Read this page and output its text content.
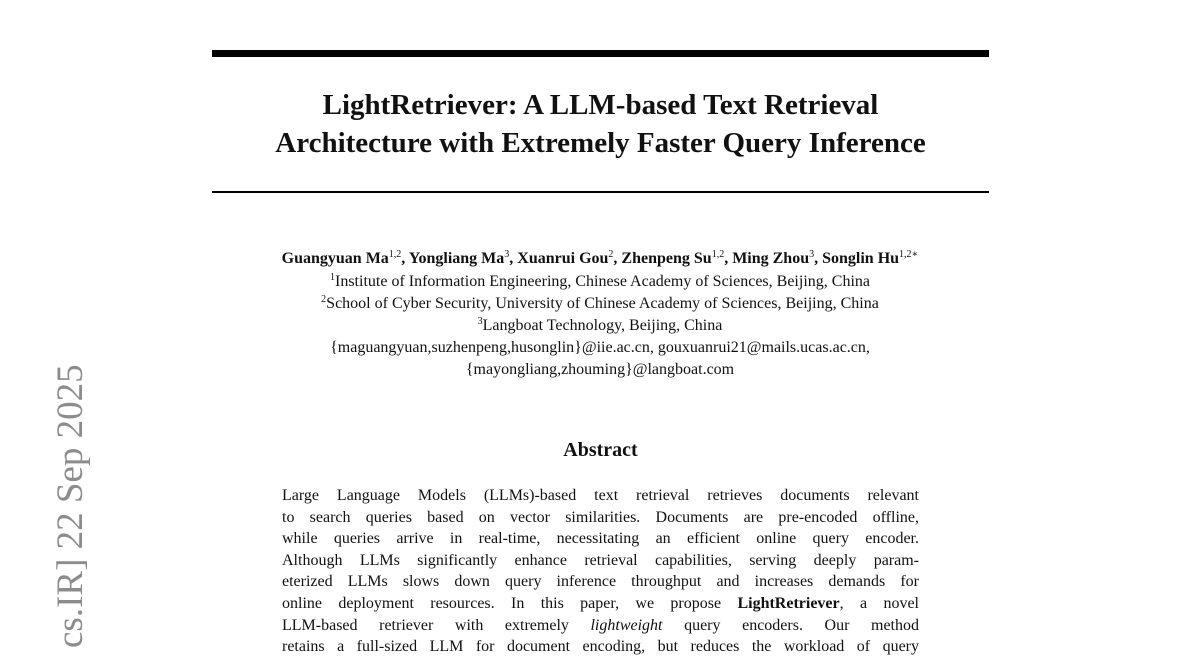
cs.IR] 22 Sep 2025
LightRetriever: A LLM-based Text Retrieval
Architecture with Extremely Faster Query Inference
Guangyuan Ma$^{1,2}$, Yongliang Ma$^3$, Xuanrui Gou$^2$, Zhenpeng Su$^{1,2}$, Ming Zhou$^3$, Songlin $Hu^{1,2∗}$
$^1$Institute of Information Engineering, Chinese Academy of Sciences, Beijing, China
$^2$School of Cyber Security, University of Chinese Academy of Sciences, Beijing, China
$^3$Langboat Technology, Beijing, China
{maguangyuan,suzhenpeng,husonglin}@iie.ac.cn, gouxuanrui21@mails.ucas.ac.cn,
{mayongliang,zhouming}@langboat.com
Abstract
Large Language Models (LLMs)-based text retrieval retrieves documents relevant
to search queries based on vector similarities. Documents are pre-encoded offline,
while queries arrive in real-time, necessitating an efficient online query encoder.
Although LLMs significantly enhance retrieval capabilities, serving deeply param-
eterized LLMs slows down query inference throughput and increases demands for
online deployment resources. In this paper, we propose LightRetriever, a novel
LLM-based retriever with extremely lightweight query encoders. Our method
retains a full-sized LLM for document encoding, but reduces the workload of query
